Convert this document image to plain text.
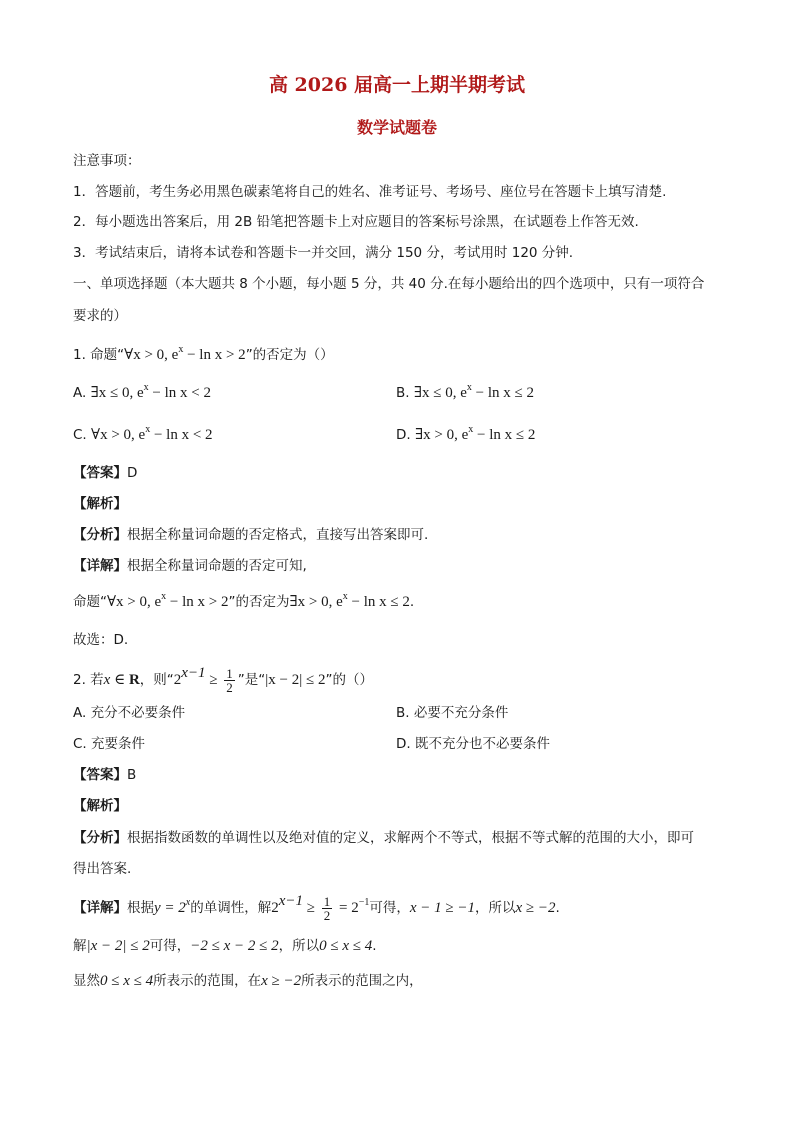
高 2026 届高一上期半期考试
数学试题卷
注意事项：
1．答题前，考生务必用黑色碳素笔将自己的姓名、准考证号、考场号、座位号在答题卡上填写清楚.
2．每小题选出答案后，用 2B 铅笔把答题卡上对应题目的答案标号涂黑，在试题卷上作答无效.
3．考试结束后，请将本试卷和答题卡一并交回，满分 150 分，考试用时 120 分钟.
一、单项选择题（本大题共 8 个小题，每小题 5 分，共 40 分.在每小题给出的四个选项中，只有一项符合
要求的）
1. 命题“∀x > 0, $e^x - \ln x > 2$”的否定为（）
A. ∃x ≤ 0, $e^x - \ln x < 2$	B. ∃x ≤ 0, $e^x - \ln x \le 2$
C. ∀x > 0, $e^x - \ln x < 2$	D. ∃x > 0, $e^x - \ln x \le 2$
【答案】D
【解析】
【分析】根据全称量词命题的否定格式，直接写出答案即可.
【详解】根据全称量词命题的否定可知,
命题“∀x > 0, $e^x - \ln x > 2$”的否定为∃x > 0, $e^x - \ln x \le 2$.
故选：D.
2. 若x ∈ R，则“$2^{x-1} \ge \frac{1}{2}$ ”是“|x − 2| ≤ 2”的（）
A. 充分不必要条件	B. 必要不充分条件
C. 充要条件	D. 既不充分也不必要条件
【答案】B
【解析】
【分析】根据指数函数的单调性以及绝对值的定义，求解两个不等式，根据不等式解的范围的大小，即可
得出答案.
【详解】根据$y = 2^x$的单调性，解$2^{x-1} \ge \frac{1}{2} = 2^{-1}$可得，x − 1 ≥ −1，所以x ≥ −2.
解|x − 2| ≤ 2可得，−2 ≤ x − 2 ≤ 2，所以0 ≤ x ≤ 4.
显然0 ≤ x ≤ 4所表示的范围，在x ≥ −2所表示的范围之内，
